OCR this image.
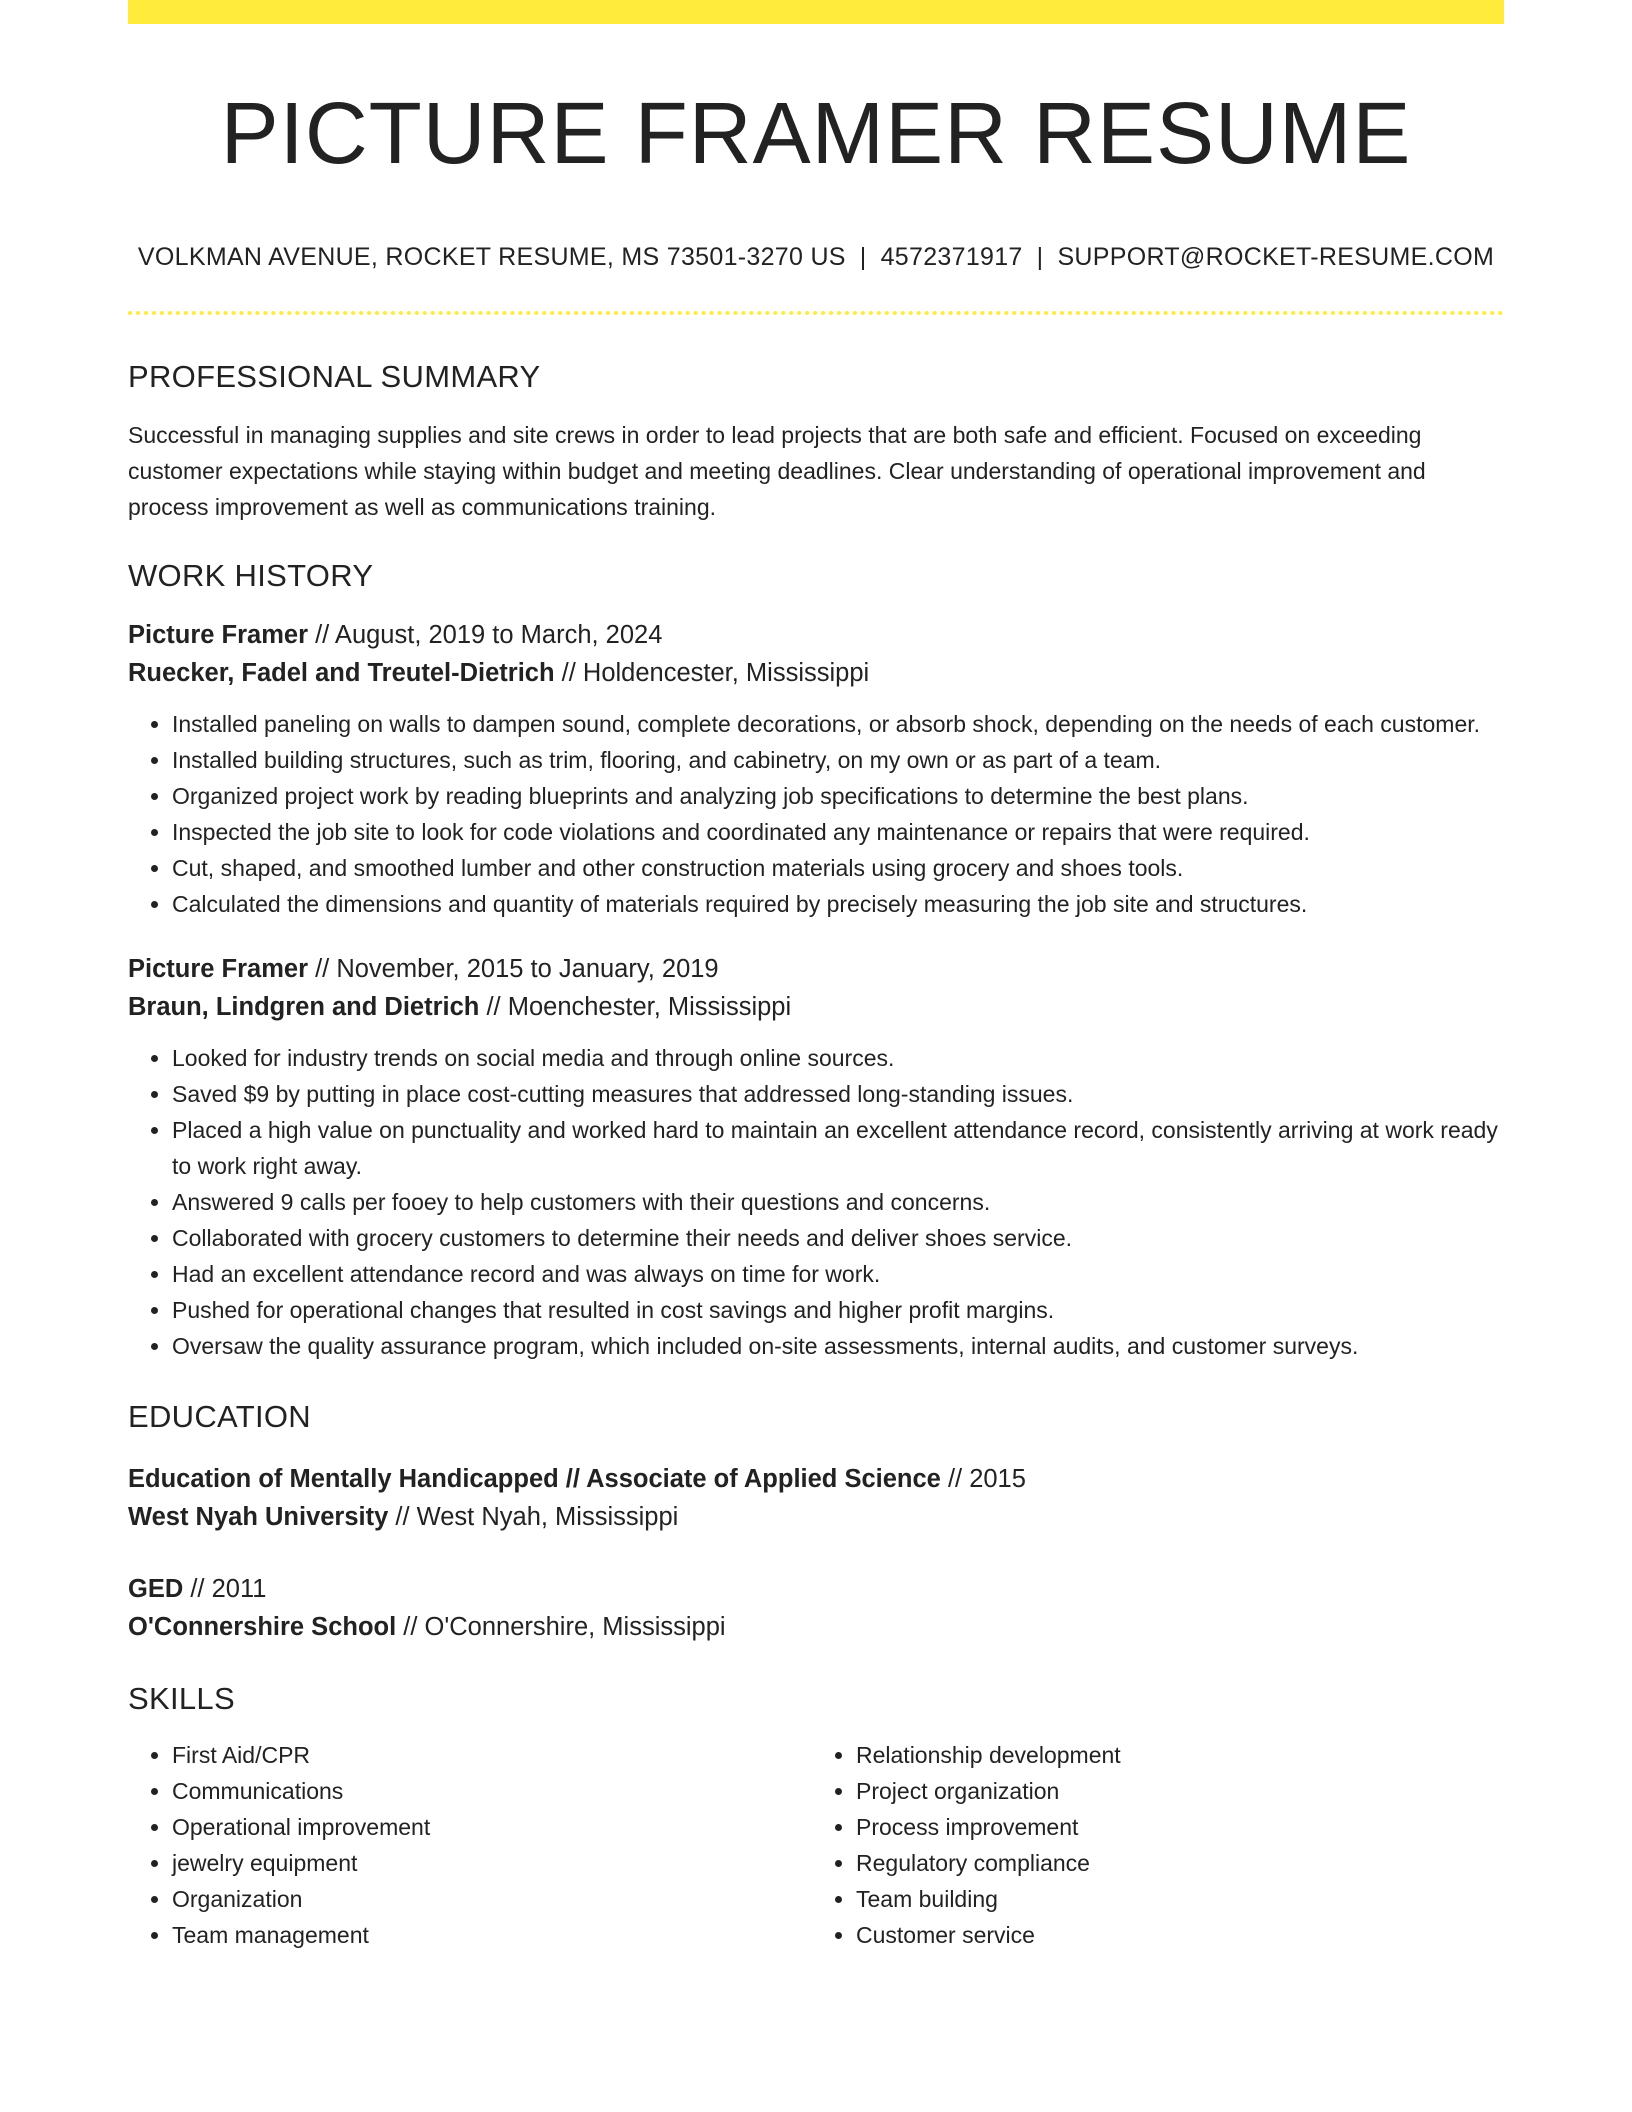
PICTURE FRAMER RESUME
VOLKMAN AVENUE, ROCKET RESUME, MS 73501-3270 US | 4572371917 | SUPPORT@ROCKET-RESUME.COM
PROFESSIONAL SUMMARY
Successful in managing supplies and site crews in order to lead projects that are both safe and efficient. Focused on exceeding customer expectations while staying within budget and meeting deadlines. Clear understanding of operational improvement and process improvement as well as communications training.
WORK HISTORY
Picture Framer // August, 2019 to March, 2024
Ruecker, Fadel and Treutel-Dietrich // Holdencester, Mississippi
• Installed paneling on walls to dampen sound, complete decorations, or absorb shock, depending on the needs of each customer.
• Installed building structures, such as trim, flooring, and cabinetry, on my own or as part of a team.
• Organized project work by reading blueprints and analyzing job specifications to determine the best plans.
• Inspected the job site to look for code violations and coordinated any maintenance or repairs that were required.
• Cut, shaped, and smoothed lumber and other construction materials using grocery and shoes tools.
• Calculated the dimensions and quantity of materials required by precisely measuring the job site and structures.
Picture Framer // November, 2015 to January, 2019
Braun, Lindgren and Dietrich // Moenchester, Mississippi
• Looked for industry trends on social media and through online sources.
• Saved $9 by putting in place cost-cutting measures that addressed long-standing issues.
• Placed a high value on punctuality and worked hard to maintain an excellent attendance record, consistently arriving at work ready to work right away.
• Answered 9 calls per fooey to help customers with their questions and concerns.
• Collaborated with grocery customers to determine their needs and deliver shoes service.
• Had an excellent attendance record and was always on time for work.
• Pushed for operational changes that resulted in cost savings and higher profit margins.
• Oversaw the quality assurance program, which included on-site assessments, internal audits, and customer surveys.
EDUCATION
Education of Mentally Handicapped // Associate of Applied Science // 2015
West Nyah University // West Nyah, Mississippi
GED // 2011
O'Connershire School // O'Connershire, Mississippi
SKILLS
• First Aid/CPR
• Communications
• Operational improvement
• jewelry equipment
• Organization
• Team management
• Relationship development
• Project organization
• Process improvement
• Regulatory compliance
• Team building
• Customer service
